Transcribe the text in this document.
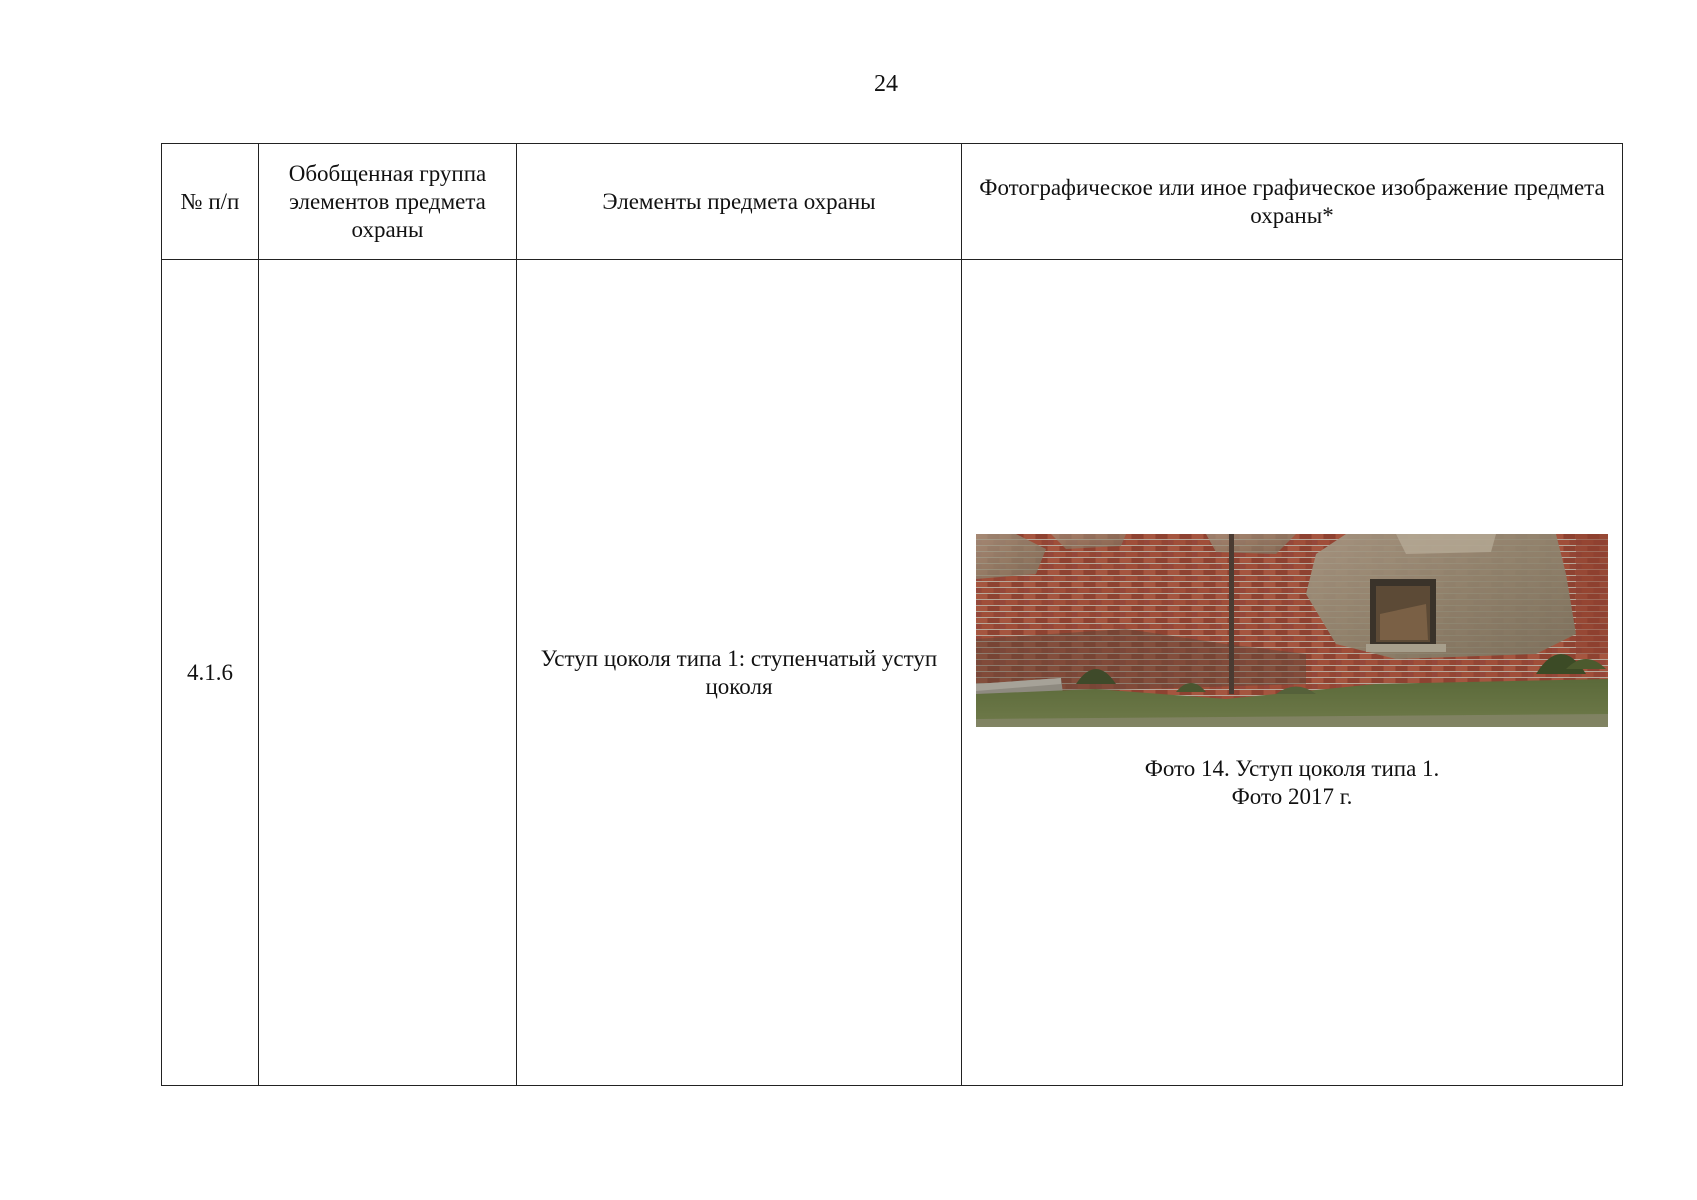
24
№ п/п	Обобщенная группа элементов предмета охраны	Элементы предмета охраны	Фотографическое или иное графическое изображение предмета охраны*
4.1.6		Уступ цоколя типа 1: ступенчатый уступ цоколя	Фото 14. Уступ цоколя типа 1.
Фото 2017 г.
